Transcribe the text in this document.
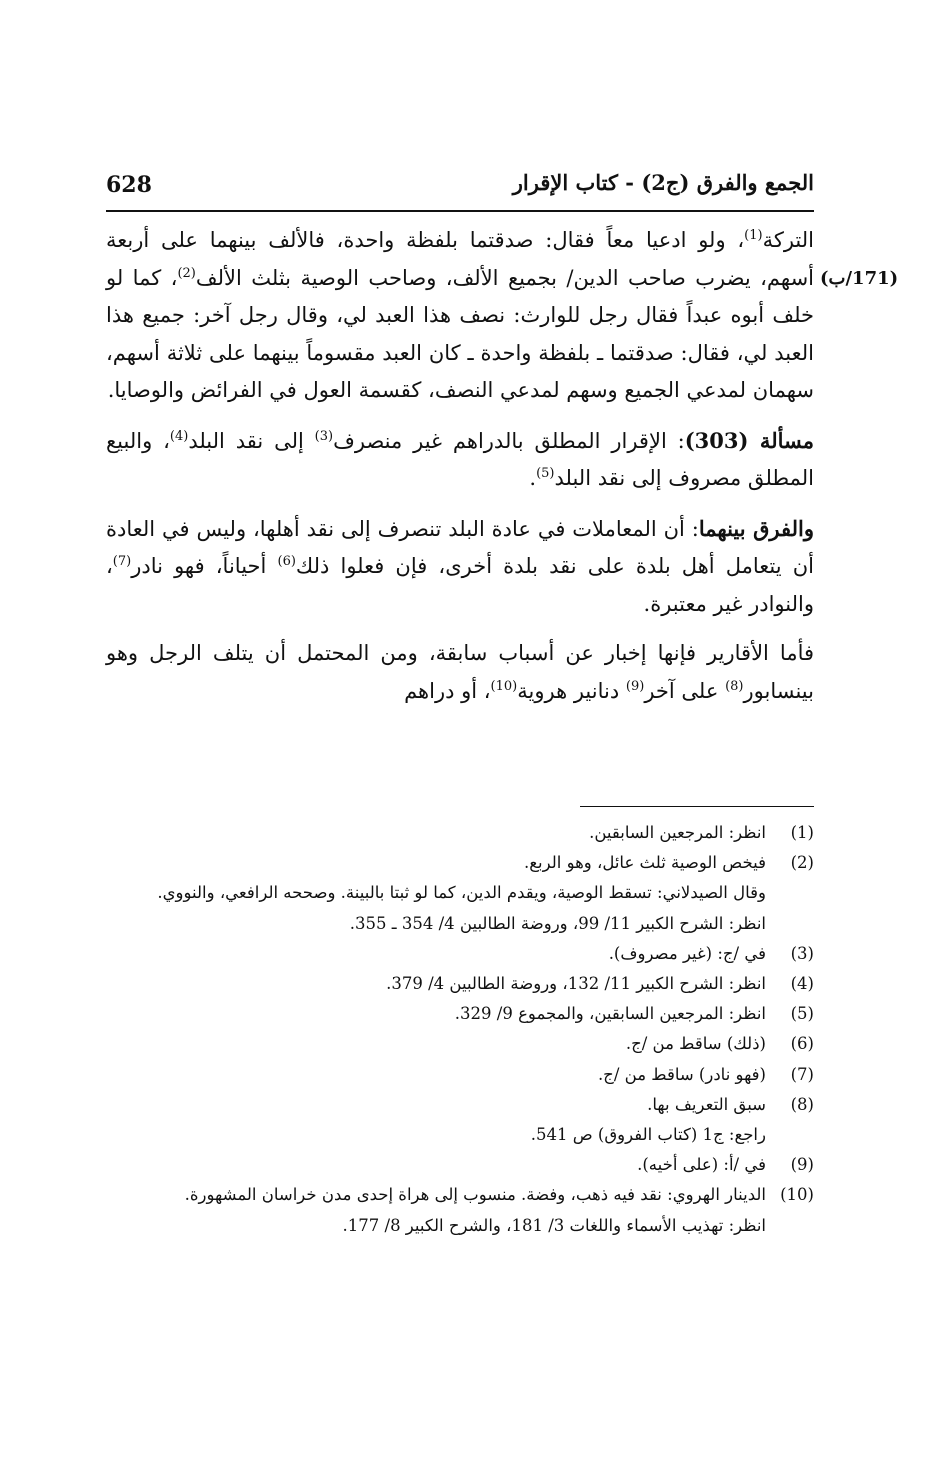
الجمع والفرق (ج2) - كتاب الإقرار
628
(171/ب)

التركة$^{(1)}$، ولو ادعيا معاً فقال: صدقتما بلفظة واحدة، فالألف بينهما على أربعة أسهم، يضرب صاحب الدين/ بجميع الألف، وصاحب الوصية بثلث الألف$^{(2)}$، كما لو خلف أبوه عبداً فقال رجل للوارث: نصف هذا العبد لي، وقال رجل آخر: جميع هذا العبد لي، فقال: صدقتما ـ بلفظة واحدة ـ كان العبد مقسوماً بينهما على ثلاثة أسهم، سهمان لمدعي الجميع وسهم لمدعي النصف، كقسمة العول في الفرائض والوصايا.

مسألة (303): الإقرار المطلق بالدراهم غير منصرف$^{(3)}$ إلى نقد البلد$^{(4)}$، والبيع المطلق مصروف إلى نقد البلد$^{(5)}$.

والفرق بينهما: أن المعاملات في عادة البلد تنصرف إلى نقد أهلها، وليس في العادة أن يتعامل أهل بلدة على نقد بلدة أخرى، فإن فعلوا ذلك$^{(6)}$ أحياناً، فهو نادر$^{(7)}$، والنوادر غير معتبرة.

فأما الأقارير فإنها إخبار عن أسباب سابقة، ومن المحتمل أن يتلف الرجل وهو بينسابور$^{(8)}$ على آخر$^{(9)}$ دنانير هروية$^{(10)}$، أو دراهم

(1)
انظر: المرجعين السابقين.
(2)
فيخص الوصية ثلث عائل، وهو الربع.
وقال الصيدلاني: تسقط الوصية، ويقدم الدين، كما لو ثبتا بالبينة. وصححه الرافعي، والنووي.
انظر: الشرح الكبير 11/ 99، وروضة الطالبين 4/ 354 ـ 355.
(3)
في /ج: (غير مصروف).
(4)
انظر: الشرح الكبير 11/ 132، وروضة الطالبين 4/ 379.
(5)
انظر: المرجعين السابقين، والمجموع 9/ 329.
(6)
(ذلك) ساقط من /ج.
(7)
(فهو نادر) ساقط من /ج.
(8)
سبق التعريف بها.
راجع: ج1 (كتاب الفروق) ص 541.
(9)
في /أ: (على أخيه).
(10)
الدينار الهروي: نقد فيه ذهب، وفضة. منسوب إلى هراة إحدى مدن خراسان المشهورة.
انظر: تهذيب الأسماء واللغات 3/ 181، والشرح الكبير 8/ 177.
